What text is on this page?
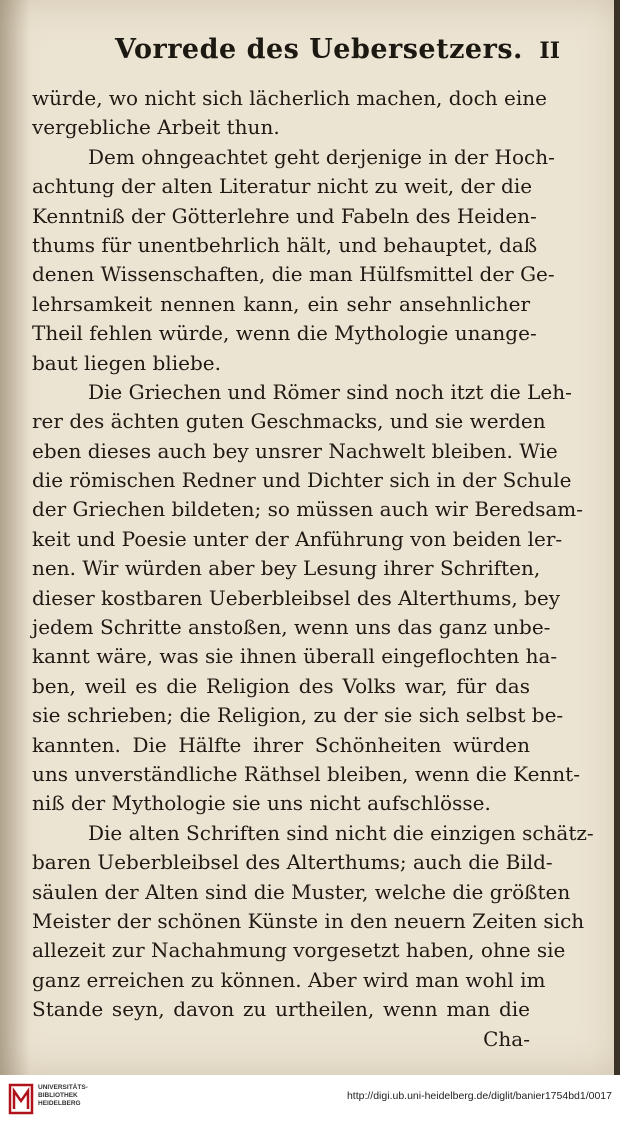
Vorrede des Uebersetzers. II
würde, wo nicht sich lächerlich machen, doch eine
vergebliche Arbeit thun.
Dem ohngeachtet geht derjenige in der Hoch-
achtung der alten Literatur nicht zu weit, der die
Kenntniß der Götterlehre und Fabeln des Heiden-
thums für unentbehrlich hält, und behauptet, daß
denen Wissenschaften, die man Hülfsmittel der Ge-
lehrsamkeit nennen kann, ein sehr ansehnlicher
Theil fehlen würde, wenn die Mythologie unange-
baut liegen bliebe.
Die Griechen und Römer sind noch itzt die Leh-
rer des ächten guten Geschmacks, und sie werden
eben dieses auch bey unsrer Nachwelt bleiben. Wie
die römischen Redner und Dichter sich in der Schule
der Griechen bildeten; so müssen auch wir Beredsam-
keit und Poesie unter der Anführung von beiden ler-
nen. Wir würden aber bey Lesung ihrer Schriften,
dieser kostbaren Ueberbleibsel des Alterthums, bey
jedem Schritte anstoßen, wenn uns das ganz unbe-
kannt wäre, was sie ihnen überall eingeflochten ha-
ben, weil es die Religion des Volks war, für das
sie schrieben; die Religion, zu der sie sich selbst be-
kannten. Die Hälfte ihrer Schönheiten würden
uns unverständliche Räthsel bleiben, wenn die Kennt-
niß der Mythologie sie uns nicht aufschlösse.
Die alten Schriften sind nicht die einzigen schätz-
baren Ueberbleibsel des Alterthums; auch die Bild-
säulen der Alten sind die Muster, welche die größten
Meister der schönen Künste in den neuern Zeiten sich
allezeit zur Nachahmung vorgesetzt haben, ohne sie
ganz erreichen zu können. Aber wird man wohl im
Stande seyn, davon zu urtheilen, wenn man die
Cha-
UNIVERSITÄTS-
BIBLIOTHEK
HEIDELBERG
http://digi.ub.uni-heidelberg.de/diglit/banier1754bd1/0017
